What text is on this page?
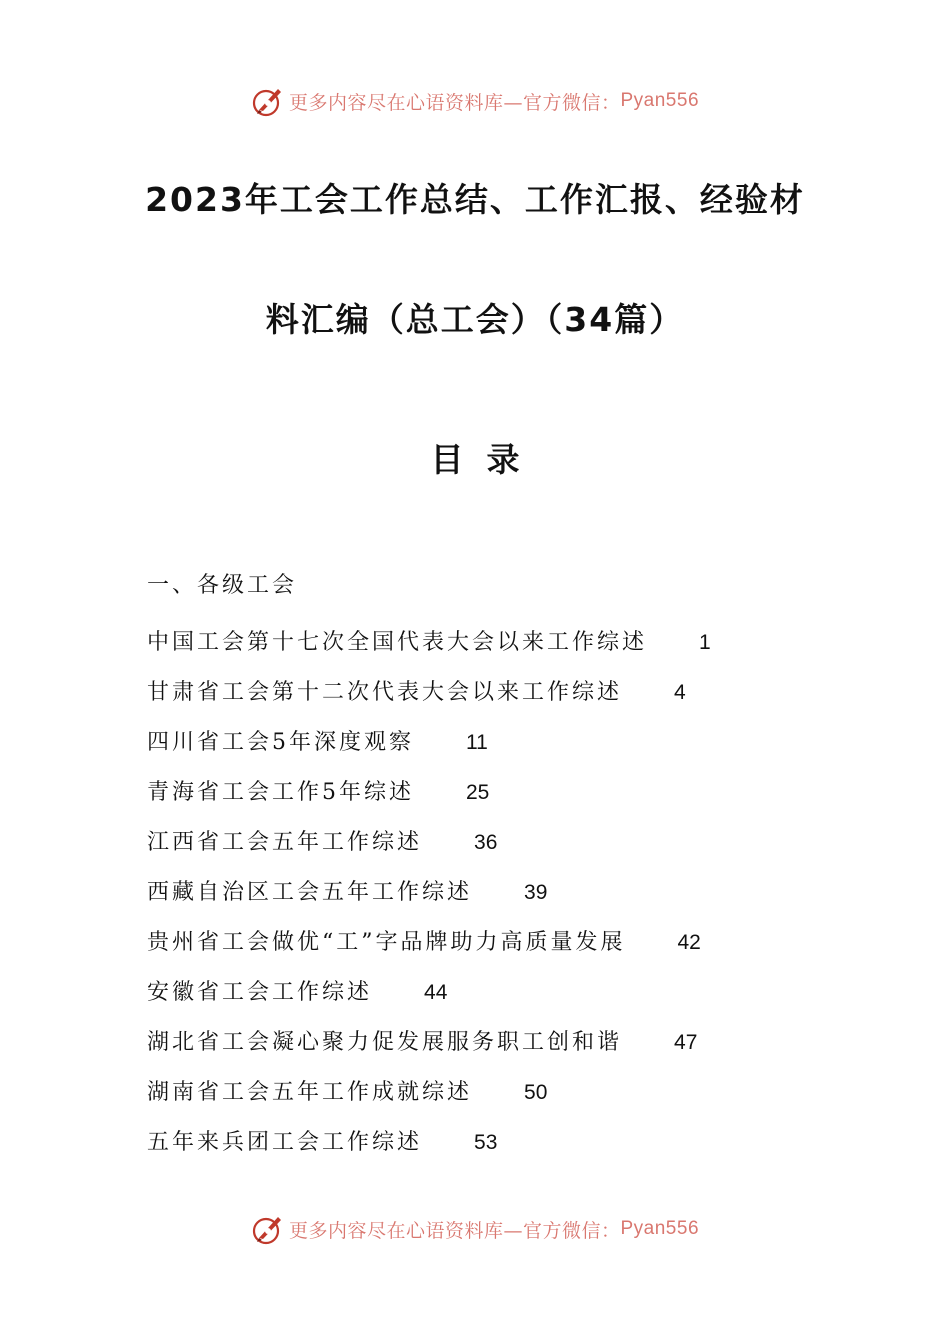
更多内容尽在心语资料库—官方微信： Pyan556
2023年工会工作总结、工作汇报、经验材
料汇编（总工会）（34篇）
目  录
一、各级工会
中国工会第十七次全国代表大会以来工作综述 1
甘肃省工会第十二次代表大会以来工作综述 4
四川省工会5年深度观察 11
青海省工会工作5年综述 25
江西省工会五年工作综述 36
西藏自治区工会五年工作综述 39
贵州省工会做优“工”字品牌助力高质量发展 42
安徽省工会工作综述 44
湖北省工会凝心聚力促发展服务职工创和谐 47
湖南省工会五年工作成就综述 50
五年来兵团工会工作综述 53
更多内容尽在心语资料库—官方微信： Pyan556
